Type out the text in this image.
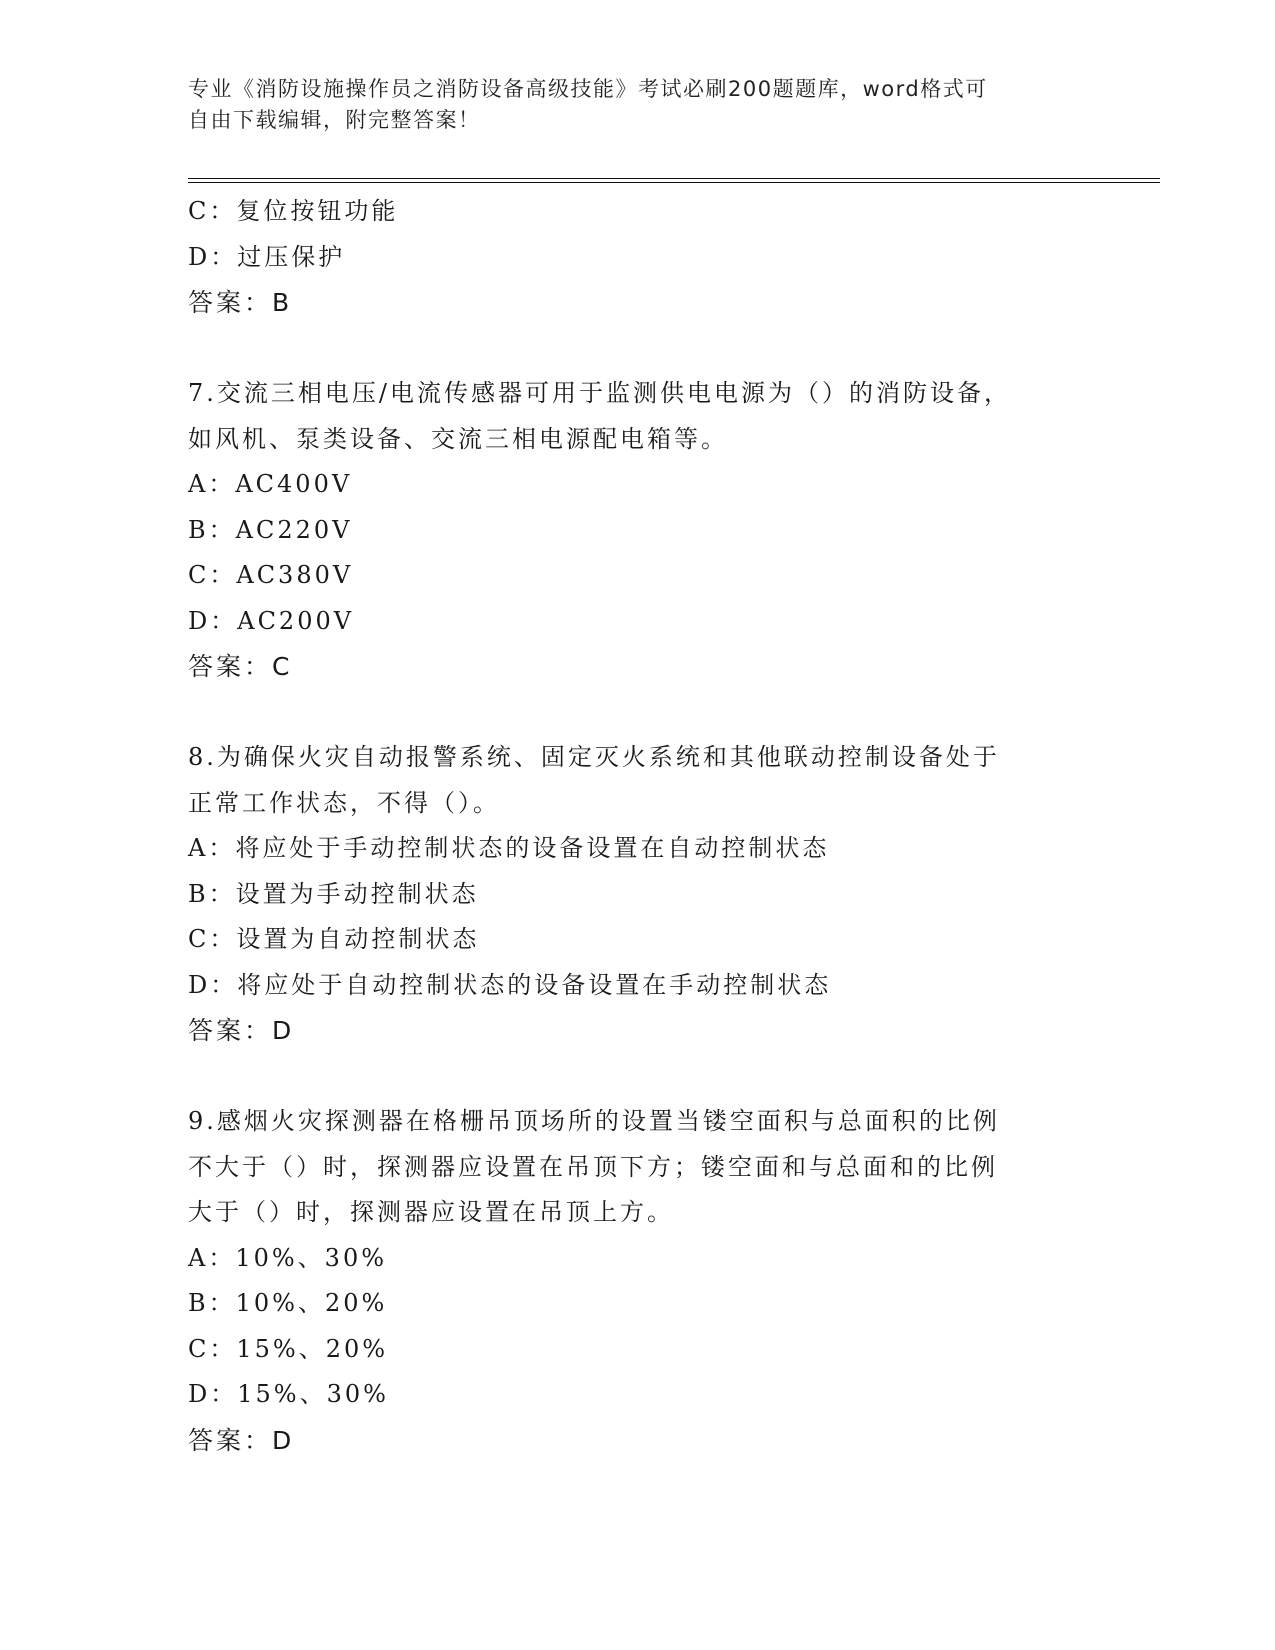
专业《消防设施操作员之消防设备高级技能》考试必刷200题题库，word格式可
自由下载编辑，附完整答案！

C：复位按钮功能

D：过压保护

答案：B

7.交流三相电压/电流传感器可用于监测供电电源为（）的消防设备，

如风机、泵类设备、交流三相电源配电箱等。

A：AC400V

B：AC220V

C：AC380V

D：AC200V

答案：C

8.为确保火灾自动报警系统、固定灭火系统和其他联动控制设备处于

正常工作状态，不得（）。

A：将应处于手动控制状态的设备设置在自动控制状态

B：设置为手动控制状态

C：设置为自动控制状态

D：将应处于自动控制状态的设备设置在手动控制状态

答案：D

9.感烟火灾探测器在格栅吊顶场所的设置当镂空面积与总面积的比例

不大于（）时，探测器应设置在吊顶下方；镂空面和与总面和的比例

大于（）时，探测器应设置在吊顶上方。

A：10%、30%

B：10%、20%

C：15%、20%

D：15%、30%

答案：D
